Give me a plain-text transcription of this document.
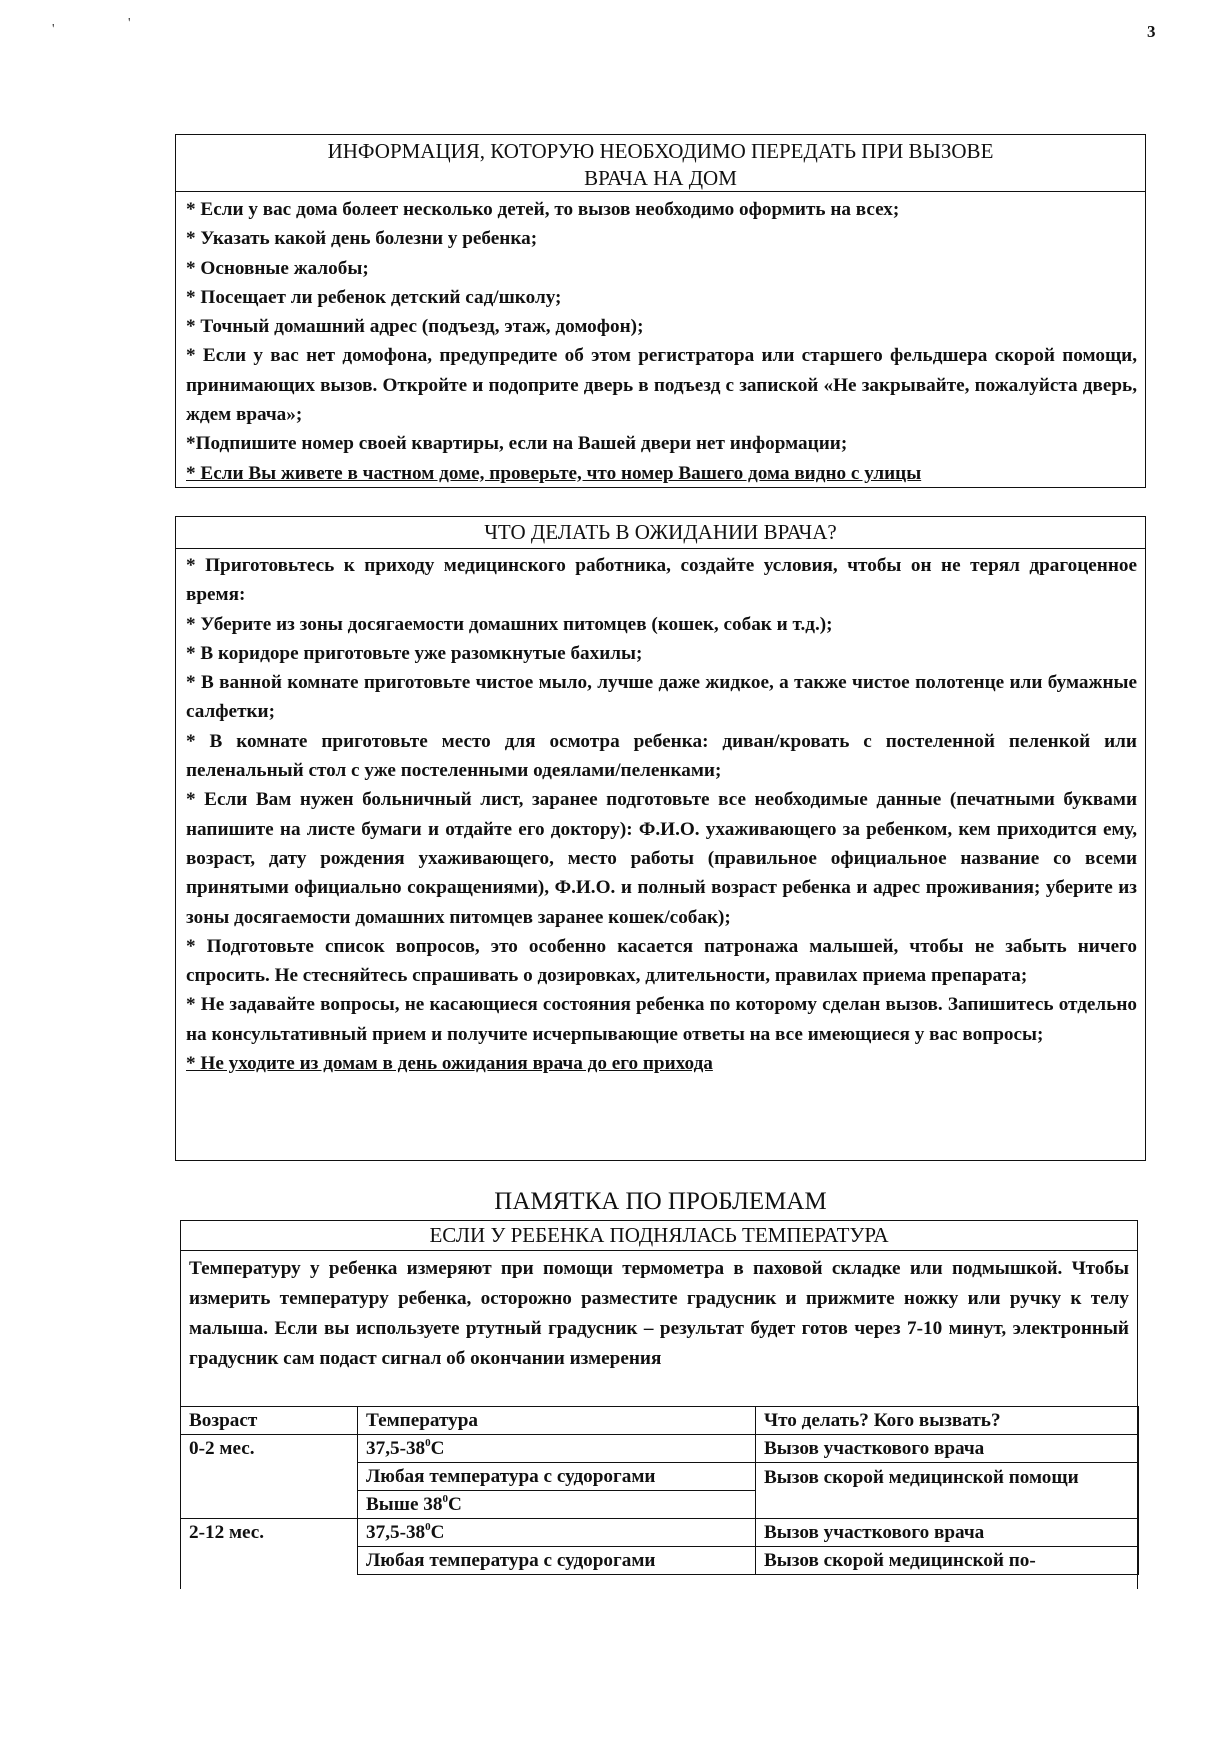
'	'	3
ИНФОРМАЦИЯ, КОТОРУЮ НЕОБХОДИМО ПЕРЕДАТЬ ПРИ ВЫЗОВЕ
ВРАЧА НА ДОМ

* Если у вас дома болеет несколько детей, то вызов необходимо оформить на всех;

* Указать какой день болезни у ребенка;

* Основные жалобы;

* Посещает ли ребенок детский сад/школу;

* Точный домашний адрес (подъезд, этаж, домофон);

* Если у вас нет домофона, предупредите об этом регистратора или старшего фельдшера скорой помощи, принимающих вызов. Откройте и подоприте дверь в подъезд с запиской «Не закрывайте, пожалуйста дверь, ждем врача»;

*Подпишите номер своей квартиры, если на Вашей двери нет информации;

* Если Вы живете в частном доме, проверьте, что номер Вашего дома видно с улицы

ЧТО ДЕЛАТЬ В ОЖИДАНИИ ВРАЧА?

* Приготовьтесь к приходу медицинского работника, создайте условия, чтобы он не терял драгоценное время:

* Уберите из зоны досягаемости домашних питомцев (кошек, собак и т.д.);

* В коридоре приготовьте уже разомкнутые бахилы;

* В ванной комнате приготовьте чистое мыло, лучше даже жидкое, а также чистое полотенце или бумажные салфетки;

* В комнате приготовьте место для осмотра ребенка: диван/кровать с постеленной пеленкой или пеленальный стол с уже постеленными одеялами/пеленками;

* Если Вам нужен больничный лист, заранее подготовьте все необходимые данные (печатными буквами напишите на листе бумаги и отдайте его доктору): Ф.И.О. ухаживающего за ребенком, кем приходится ему, возраст, дату рождения ухаживающего, место работы (правильное официальное название со всеми принятыми официально сокращениями), Ф.И.О. и полный возраст ребенка и адрес проживания; уберите из зоны досягаемости домашних питомцев заранее кошек/собак);

* Подготовьте список вопросов, это особенно касается патронажа малышей, чтобы не забыть ничего спросить. Не стесняйтесь спрашивать о дозировках, длительности, правилах приема препарата;

* Не задавайте вопросы, не касающиеся состояния ребенка по которому сделан вызов. Запишитесь отдельно на консультативный прием и получите исчерпывающие ответы на все имеющиеся у вас вопросы;

* Не уходите из домам в день ожидания врача до его прихода

ПАМЯТКА ПО ПРОБЛЕМАМ
ЕСЛИ У РЕБЕНКА ПОДНЯЛАСЬ ТЕМПЕРАТУРА

Температуру у ребенка измеряют при помощи термометра в паховой складке или подмышкой. Чтобы измерить температуру ребенка, осторожно разместите градусник и прижмите ножку или ручку к телу малыша. Если вы используете ртутный градусник – результат будет готов через 7-10 минут, электронный градусник сам подаст сигнал об окончании измерения

Возраст	Температура	Что делать? Кого вызвать?
0-2 мес.	$37,5-38^0С$	Вызов участкового врача
	Любая температура с судорогами	Вызов скорой медицинской помощи
	Выше $38^0С$	
2-12 мес.	$37,5-38^0С$	Вызов участкового врача
	Любая температура с судорогами	Вызов скорой медицинской по-
